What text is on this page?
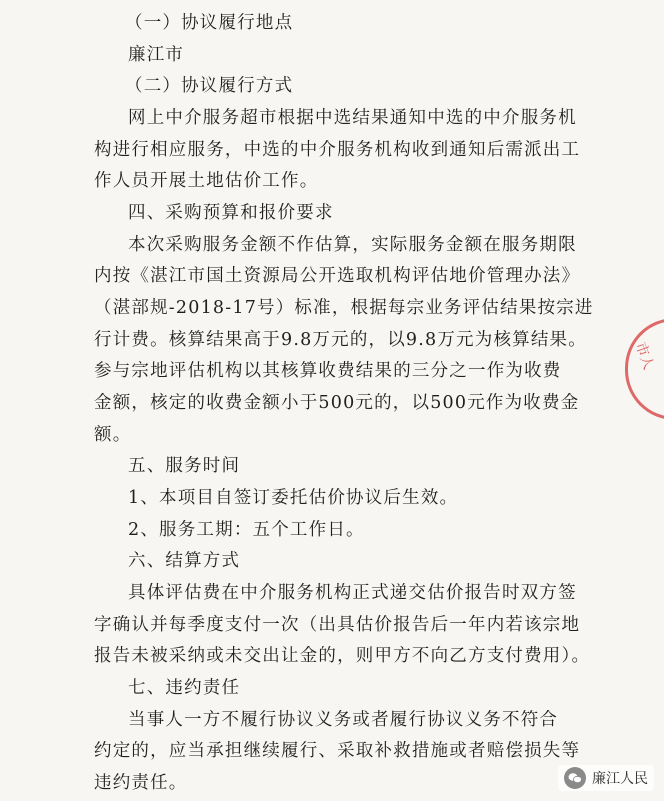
（一）协议履行地点
廉江市
（二）协议履行方式
网上中介服务超市根据中选结果通知中选的中介服务机
构进行相应服务，中选的中介服务机构收到通知后需派出工
作人员开展土地估价工作。
四、采购预算和报价要求
本次采购服务金额不作估算，实际服务金额在服务期限
内按《湛江市国土资源局公开选取机构评估地价管理办法》
（湛部规-2018-17号）标准，根据每宗业务评估结果按宗进
行计费。核算结果高于9.8万元的，以9.8万元为核算结果。
参与宗地评估机构以其核算收费结果的三分之一作为收费
金额，核定的收费金额小于500元的，以500元作为收费金
额。
五、服务时间
1、本项目自签订委托估价协议后生效。
2、服务工期：五个工作日。
六、结算方式
具体评估费在中介服务机构正式递交估价报告时双方签
字确认并每季度支付一次（出具估价报告后一年内若该宗地
报告未被采纳或未交出让金的，则甲方不向乙方支付费用）。
七、违约责任
当事人一方不履行协议义务或者履行协议义务不符合
约定的，应当承担继续履行、采取补救措施或者赔偿损失等
违约责任。
市人
廉江人民
